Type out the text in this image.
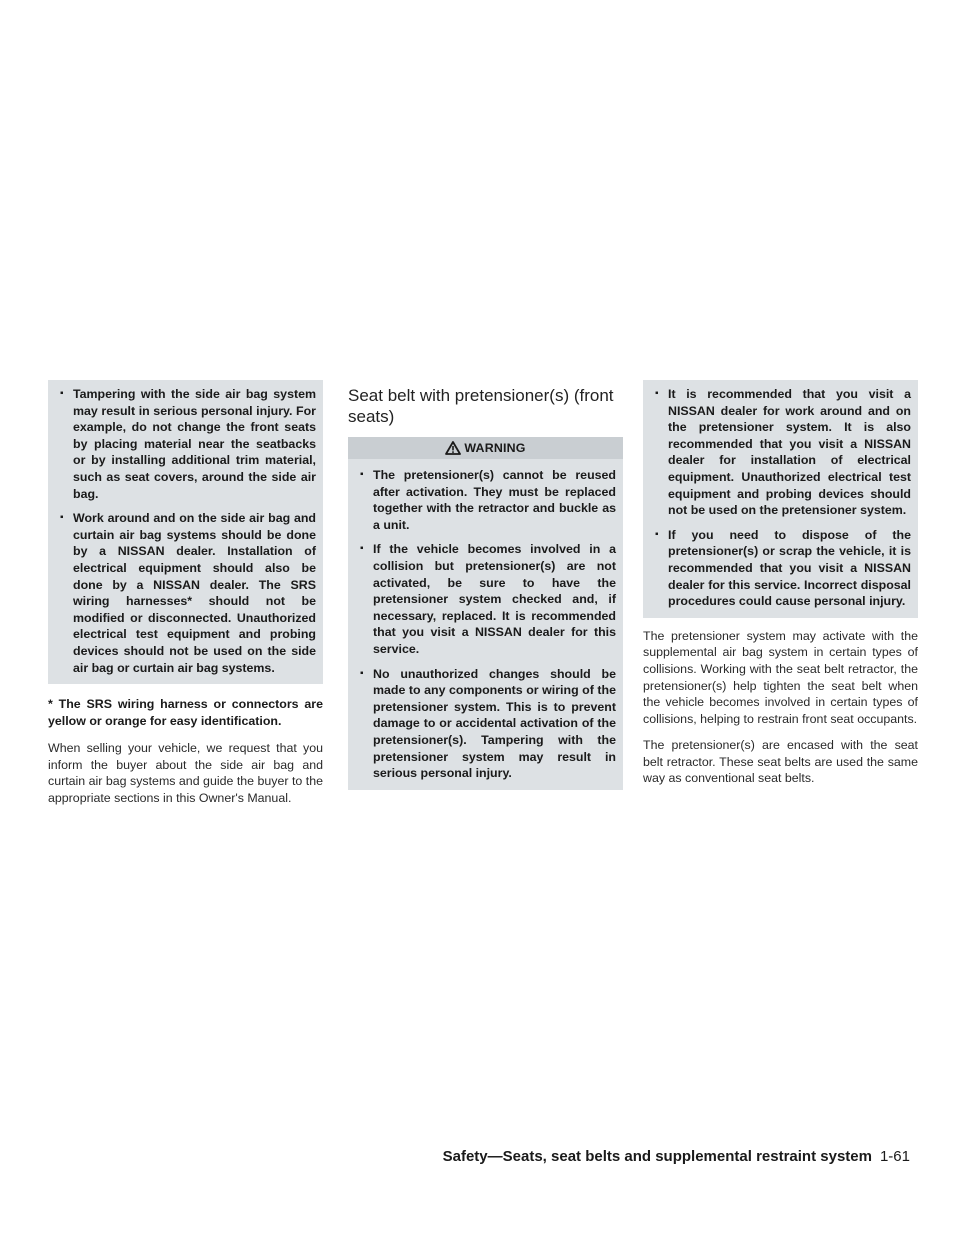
▪ Tampering with the side air bag system may result in serious personal injury. For example, do not change the front seats by placing material near the seatbacks or by installing additional trim material, such as seat covers, around the side air bag.
▪ Work around and on the side air bag and curtain air bag systems should be done by a NISSAN dealer. Installation of electrical equipment should also be done by a NISSAN dealer. The SRS wiring harnesses* should not be modified or disconnected. Unauthorized electrical test equipment and probing devices should not be used on the side air bag or curtain air bag systems.

* The SRS wiring harness or connectors are yellow or orange for easy identification.

When selling your vehicle, we request that you inform the buyer about the side air bag and curtain air bag systems and guide the buyer to the appropriate sections in this Owner's Manual.

Seat belt with pretensioner(s) (front seats)
WARNING
▪ The pretensioner(s) cannot be reused after activation. They must be replaced together with the retractor and buckle as a unit.
▪ If the vehicle becomes involved in a collision but pretensioner(s) are not activated, be sure to have the pretensioner system checked and, if necessary, replaced. It is recommended that you visit a NISSAN dealer for this service.
▪ No unauthorized changes should be made to any components or wiring of the pretensioner system. This is to prevent damage to or accidental activation of the pretensioner(s). Tampering with the pretensioner system may result in serious personal injury.
▪ It is recommended that you visit a NISSAN dealer for work around and on the pretensioner system. It is also recommended that you visit a NISSAN dealer for installation of electrical equipment. Unauthorized electrical test equipment and probing devices should not be used on the pretensioner system.
▪ If you need to dispose of the pretensioner(s) or scrap the vehicle, it is recommended that you visit a NISSAN dealer for this service. Incorrect disposal procedures could cause personal injury.

The pretensioner system may activate with the supplemental air bag system in certain types of collisions. Working with the seat belt retractor, the pretensioner(s) help tighten the seat belt when the vehicle becomes involved in certain types of collisions, helping to restrain front seat occupants.

The pretensioner(s) are encased with the seat belt retractor. These seat belts are used the same way as conventional seat belts.

Safety—Seats, seat belts and supplemental restraint system 1-61
